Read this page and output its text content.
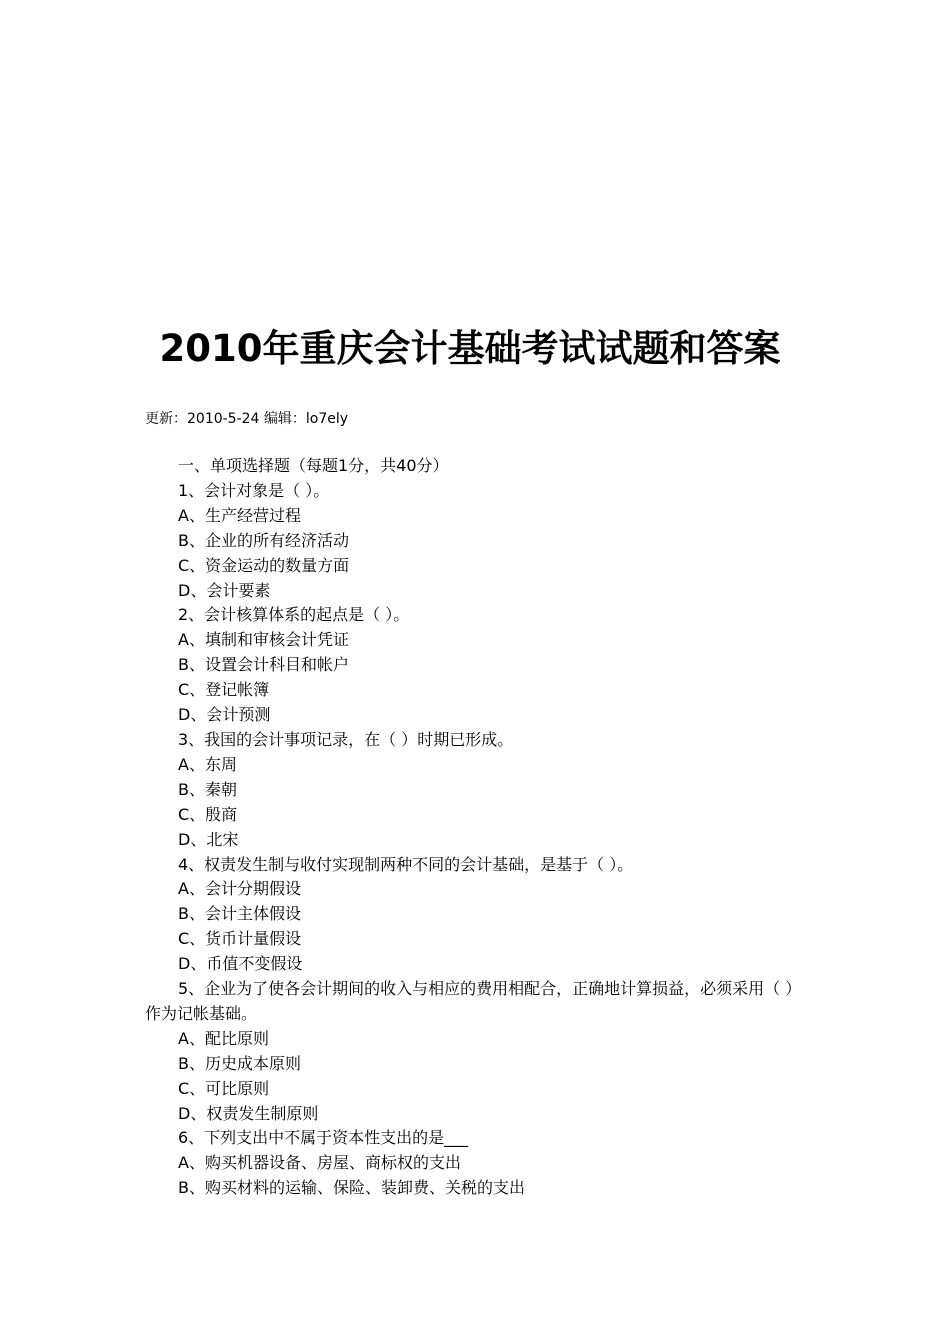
2010年重庆会计基础考试试题和答案
更新：2010-5-24 编辑：lo7ely
一、单项选择题（每题1分，共40分）
1、会计对象是（ ）。
A、生产经营过程
B、企业的所有经济活动
C、资金运动的数量方面
D、会计要素
2、会计核算体系的起点是（ ）。
A、填制和审核会计凭证
B、设置会计科目和帐户
C、登记帐簿
D、会计预测
3、我国的会计事项记录，在（ ）时期已形成。
A、东周
B、秦朝
C、殷商
D、北宋
4、权责发生制与收付实现制两种不同的会计基础，是基于（ ）。
A、会计分期假设
B、会计主体假设
C、货币计量假设
D、币值不变假设
5、企业为了使各会计期间的收入与相应的费用相配合，正确地计算损益，必须采用（ ）作为记帐基础。
A、配比原则
B、历史成本原则
C、可比原则
D、权责发生制原则
6、下列支出中不属于资本性支出的是___
A、购买机器设备、房屋、商标权的支出
B、购买材料的运输、保险、装卸费、关税的支出
